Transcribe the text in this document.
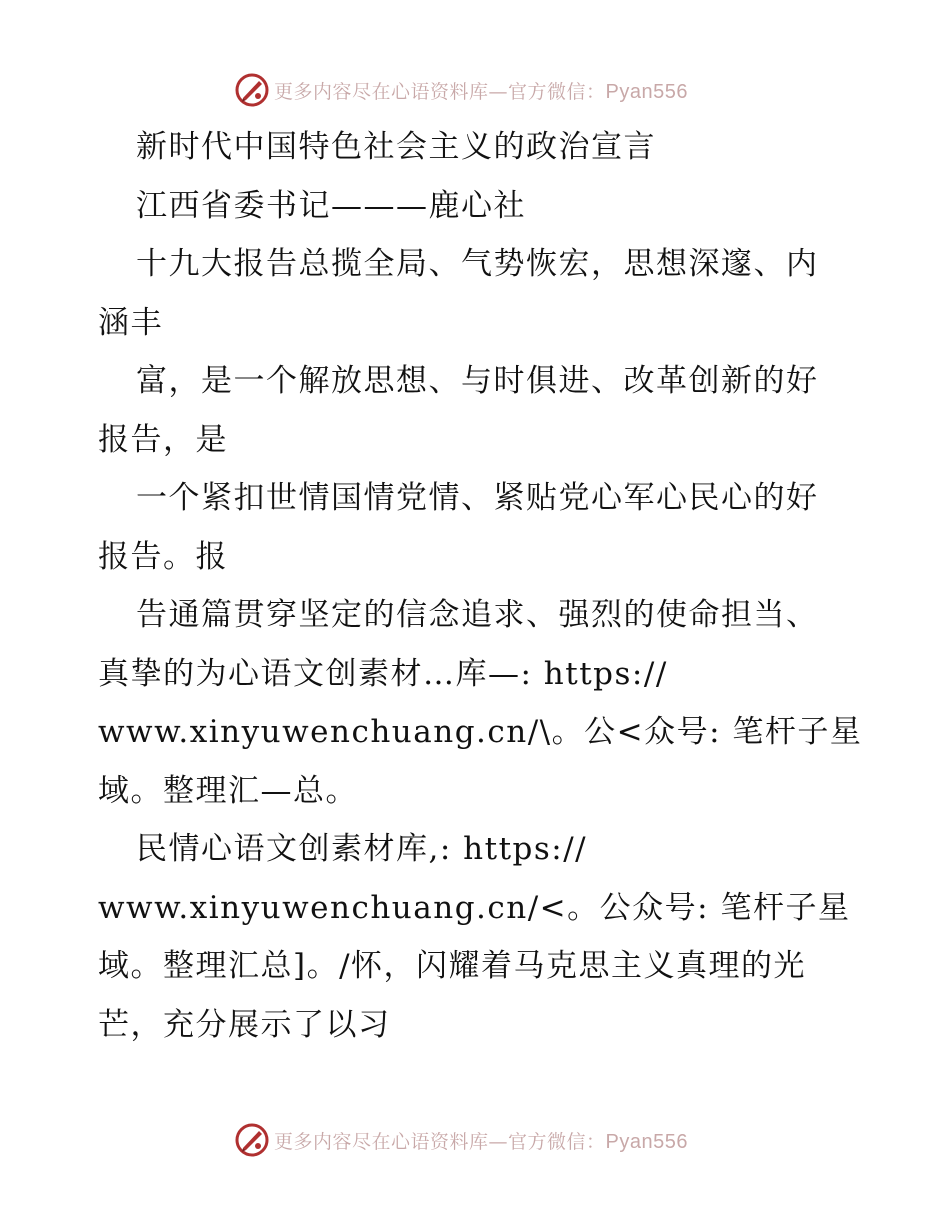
更多内容尽在心语资料库—官方微信：Pyan556
新时代中国特色社会主义的政治宣言
江西省委书记———鹿心社
十九大报告总揽全局、气势恢宏，思想深邃、内
涵丰
富，是一个解放思想、与时俱进、改革创新的好
报告，是
一个紧扣世情国情党情、紧贴党心军心民心的好
报告。报
告通篇贯穿坚定的信念追求、强烈的使命担当、
真挚的为心语文创素材…库—: https://
www.xinyuwenchuang.cn/\。公<众号: 笔杆子星
域。整理汇—总。
民情心语文创素材库,: https://
www.xinyuwenchuang.cn/<。公众号: 笔杆子星
域。整理汇总]。/怀，闪耀着马克思主义真理的光
芒，充分展示了以习
更多内容尽在心语资料库—官方微信：Pyan556
